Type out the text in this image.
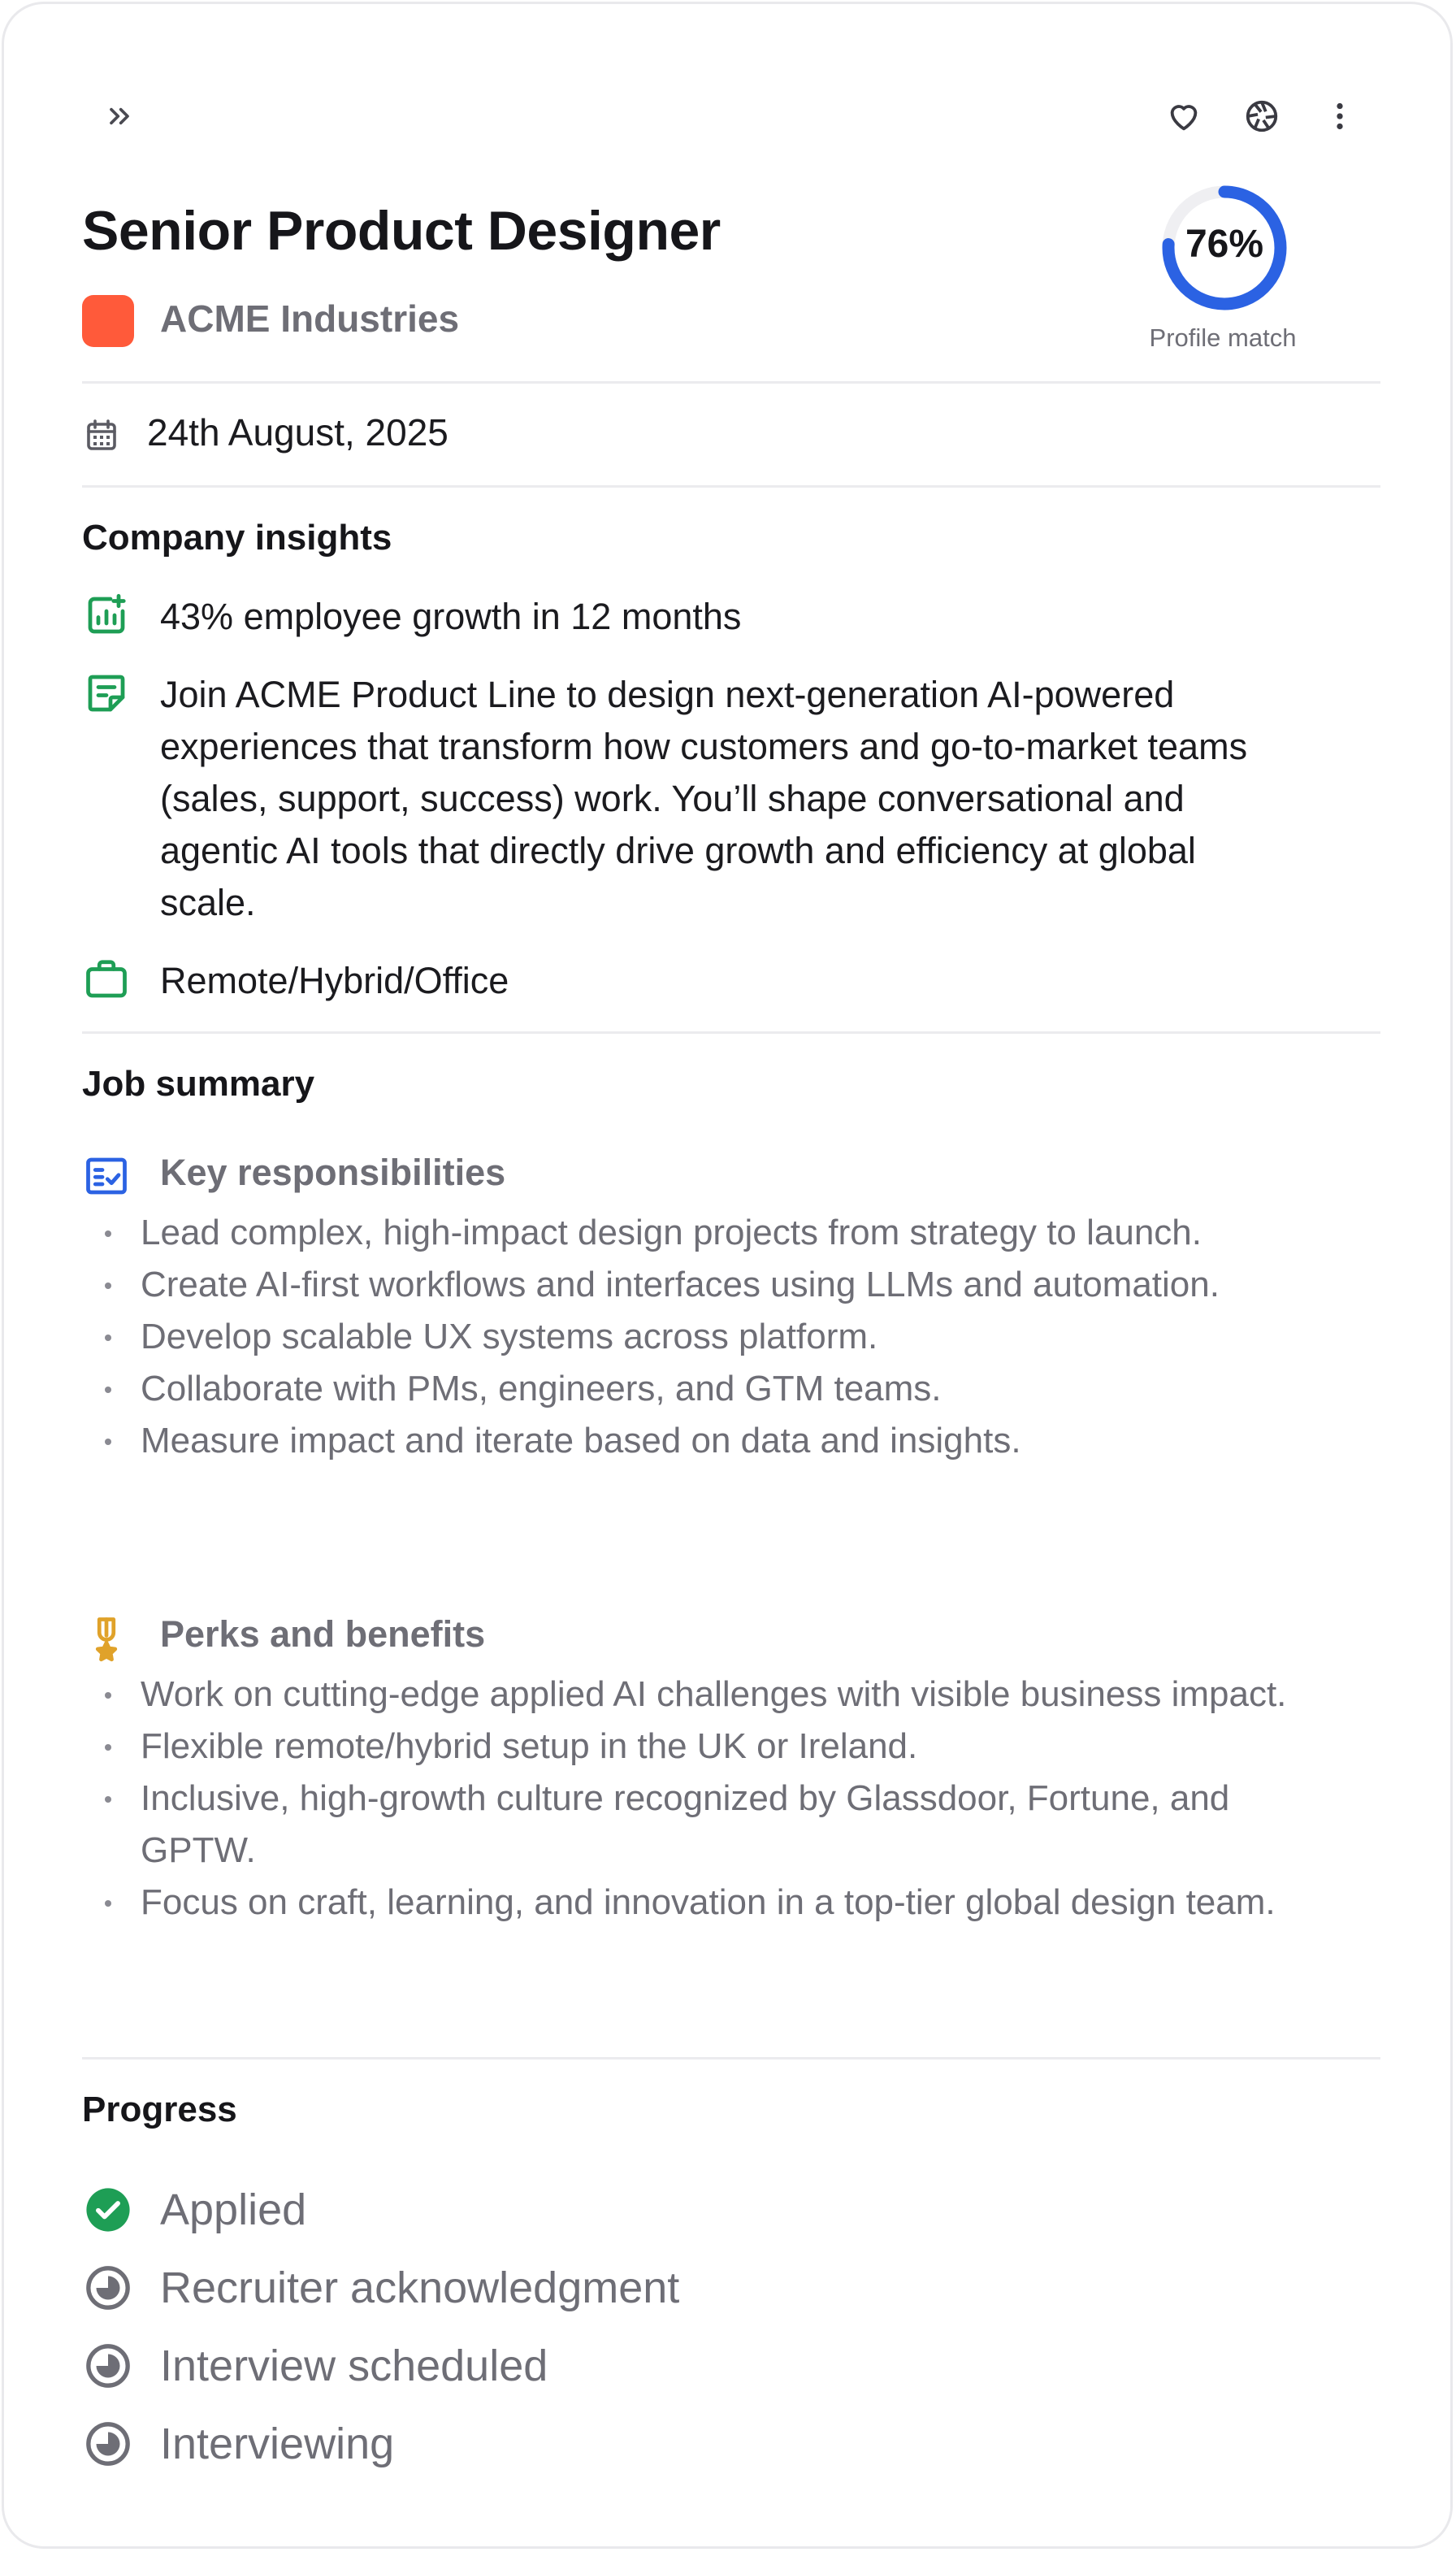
Senior Product Designer
ACME Industries
76%
Profile match
24th August, 2025
Company insights
43% employee growth in 12 months
Join ACME Product Line to design next-generation AI-powered
experiences that transform how customers and go-to-market teams
(sales, support, success) work. You’ll shape conversational and
agentic AI tools that directly drive growth and efficiency at global
scale.
Remote/Hybrid/Office
Job summary
Key responsibilities
Lead complex, high-impact design projects from strategy to launch.
Create AI-first workflows and interfaces using LLMs and automation.
Develop scalable UX systems across platform.
Collaborate with PMs, engineers, and GTM teams.
Measure impact and iterate based on data and insights.
Perks and benefits
Work on cutting-edge applied AI challenges with visible business impact.
Flexible remote/hybrid setup in the UK or Ireland.
Inclusive, high-growth culture recognized by Glassdoor, Fortune, and GPTW.
Focus on craft, learning, and innovation in a top-tier global design team.
Progress
Applied
Recruiter acknowledgment
Interview scheduled
Interviewing
